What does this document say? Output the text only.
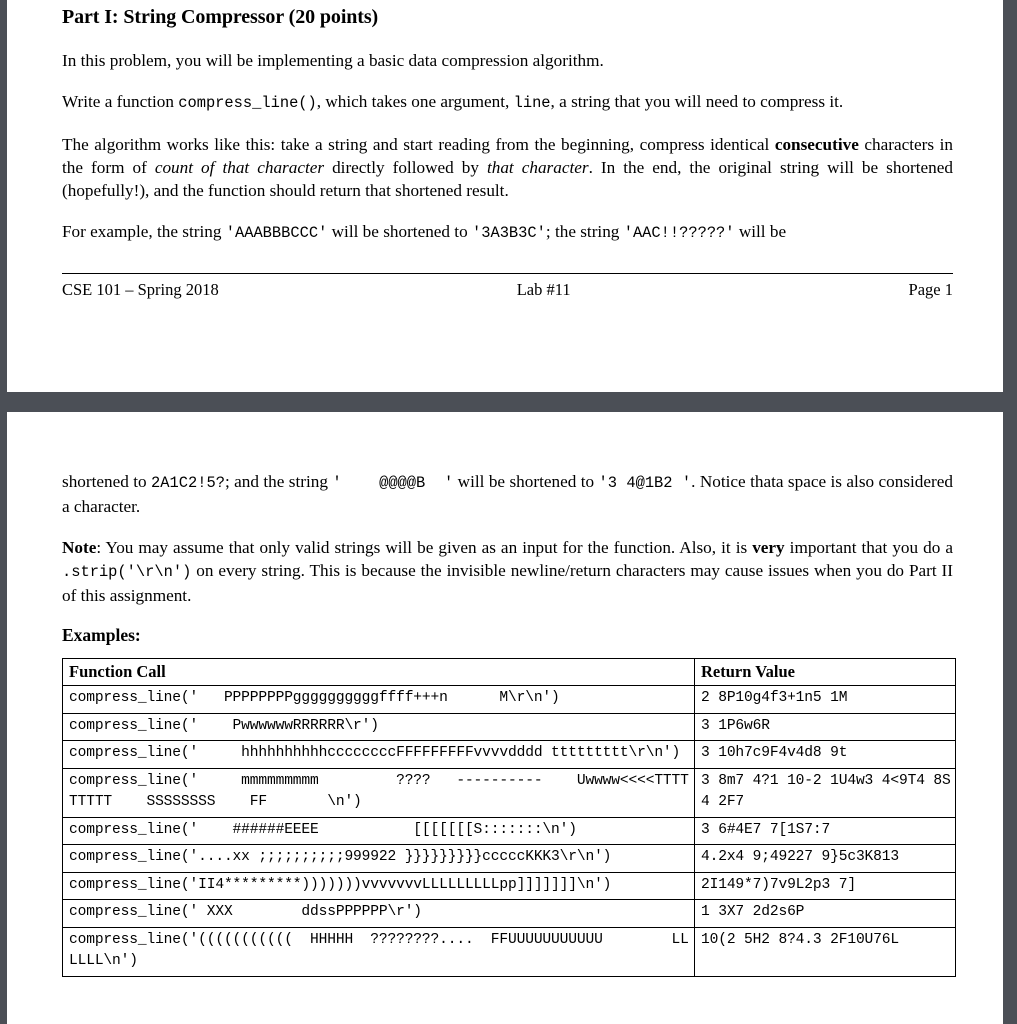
Part I: String Compressor (20 points)

In this problem, you will be implementing a basic data compression algorithm.

Write a function compress_line(), which takes one argument, line, a string that you will need to compress it.

The algorithm works like this: take a string and start reading from the beginning, compress identical consecutive characters in the form of count of that character directly followed by that character. In the end, the original string will be shortened (hopefully!), and the function should return that shortened result.

For example, the string 'AAABBBCCC' will be shortened to '3A3B3C'; the string 'AAC!!?????' will be

CSE 101 – Spring 2018	Lab #11	Page 1

shortened to 2A1C2!5?; and the string '    @@@@B  ' will be shortened to '3 4@1B2 '. Notice thata space is also considered a character.

Note: You may assume that only valid strings will be given as an input for the function. Also, it is very important that you do a .strip('\r\n') on every string. This is because the invisible newline/return characters may cause issues when you do Part II of this assignment.

Examples:
Function Call	Return Value
compress_line('   PPPPPPPPggggggggggffff+++n      M\r\n')	2 8P10g4f3+1n5 1M
compress_line('    PwwwwwwRRRRRR\r')	3 1P6w6R
compress_line('     hhhhhhhhhhccccccccFFFFFFFFFvvvvdddd ttttttttt\r\n')	3 10h7c9F4v4d8 9t
compress_line('     mmmmmmmmm         ????   ----------    Uwwww<<<<TTTTTTTTT    SSSSSSSS    FF       \n')	3 8m7 4?1 10-2 1U4w3 4<9T4 8S4 2F7
compress_line('    ######EEEE           [[[[[[[S:::::::\n')	3 6#4E7 7[1S7:7
compress_line('....xx ;;;;;;;;;;999922 }}}}}}}}}cccccKKK3\r\n')	4.2x4 9;49227 9}5c3K813
compress_line('II4*********)))))))vvvvvvvLLLLLLLLLpp]]]]]]]\n')	2I149*7)7v9L2p3 7]
compress_line(' XXX        ddssPPPPPP\r')	1 3X7 2d2s6P
compress_line('(((((((((((  HHHHH  ????????....  FFUUUUUUUUUUU        LLLLLL\n')	10(2 5H2 8?4.3 2F10U76L
